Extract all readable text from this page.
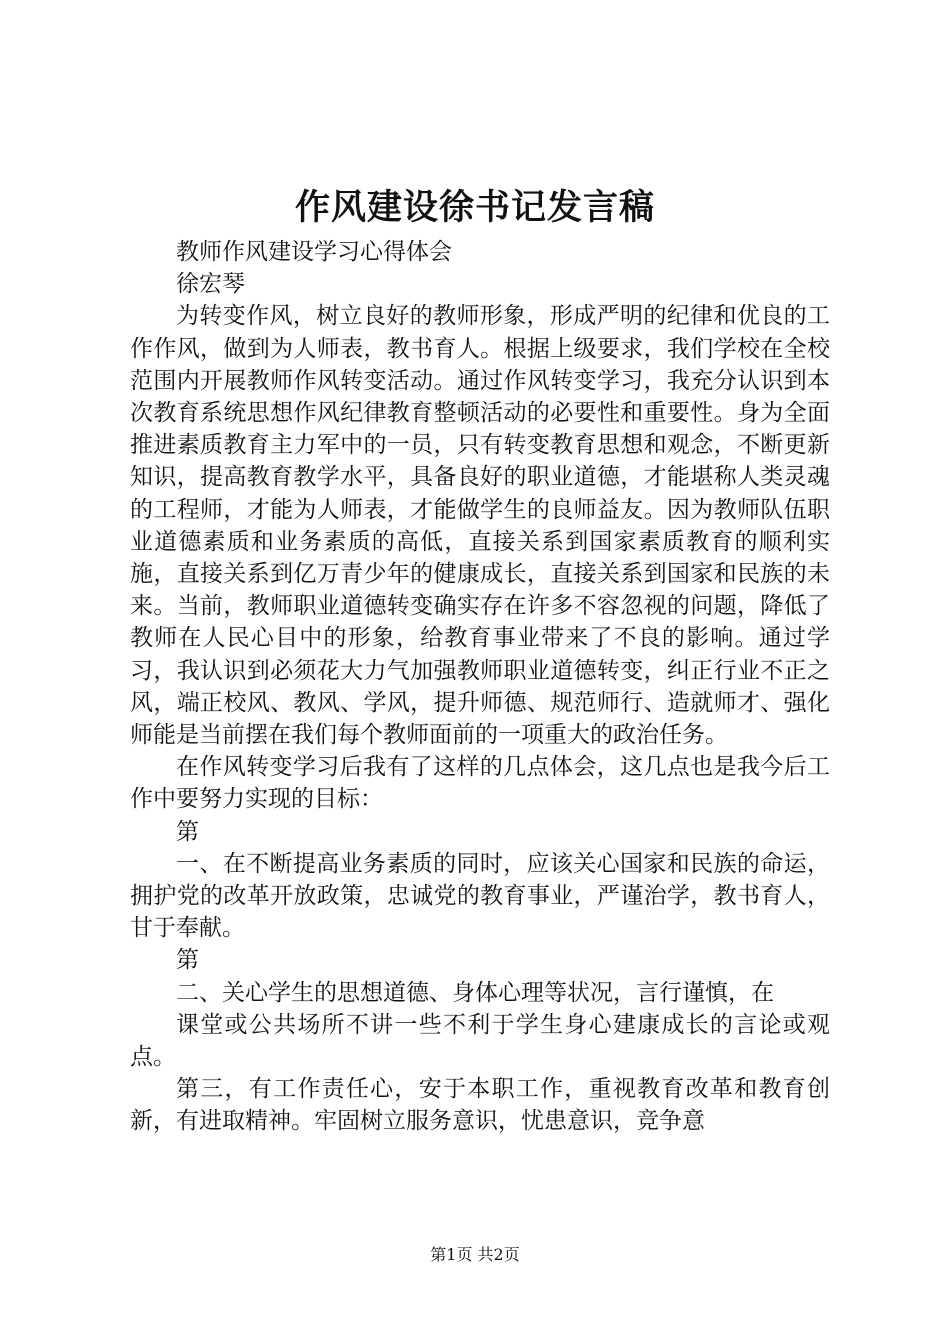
作风建设徐书记发言稿

教师作风建设学习心得体会

徐宏琴

为转变作风，树立良好的教师形象，形成严明的纪律和优良的工作作风，做到为人师表，教书育人。根据上级要求，我们学校在全校范围内开展教师作风转变活动。通过作风转变学习，我充分认识到本次教育系统思想作风纪律教育整顿活动的必要性和重要性。身为全面推进素质教育主力军中的一员，只有转变教育思想和观念，不断更新知识，提高教育教学水平，具备良好的职业道德，才能堪称人类灵魂的工程师，才能为人师表，才能做学生的良师益友。因为教师队伍职业道德素质和业务素质的高低，直接关系到国家素质教育的顺利实施，直接关系到亿万青少年的健康成长，直接关系到国家和民族的未来。当前，教师职业道德转变确实存在许多不容忽视的问题，降低了教师在人民心目中的形象，给教育事业带来了不良的影响。通过学习，我认识到必须花大力气加强教师职业道德转变，纠正行业不正之风，端正校风、教风、学风，提升师德、规范师行、造就师才、强化师能是当前摆在我们每个教师面前的一项重大的政治任务。

在作风转变学习后我有了这样的几点体会，这几点也是我今后工作中要努力实现的目标：

第

一、在不断提高业务素质的同时，应该关心国家和民族的命运，拥护党的改革开放政策，忠诚党的教育事业，严谨治学，教书育人，甘于奉献。

第

二、关心学生的思想道德、身体心理等状况，言行谨慎，在

课堂或公共场所不讲一些不利于学生身心建康成长的言论或观点。

第三，有工作责任心，安于本职工作，重视教育改革和教育创新，有进取精神。牢固树立服务意识，忧患意识，竞争意

第1页 共2页
